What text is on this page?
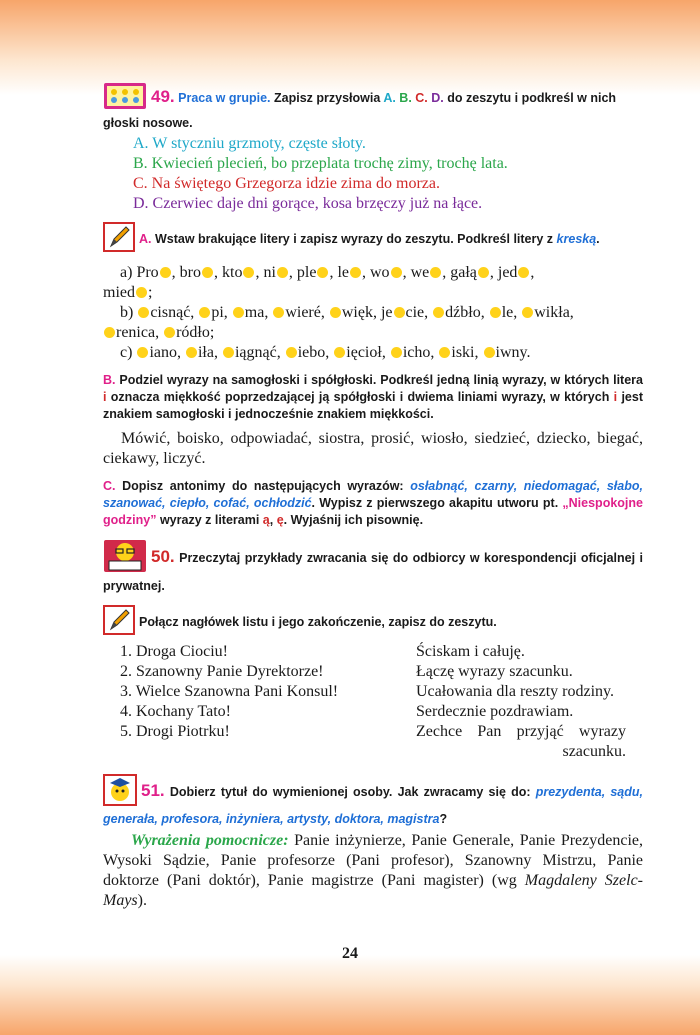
49. Praca w grupie. Zapisz przysłowia A. B. C. D. do zeszytu i podkreśl w nich głoski nosowe.
A. W styczniu grzmoty, częste słoty.
B. Kwiecień plecień, bo przeplata trochę zimy, trochę lata.
C. Na świętego Grzegorza idzie zima do morza.
D. Czerwiec daje dni gorące, kosa brzęczy już na łące.
A. Wstaw brakujące litery i zapisz wyrazy do zeszytu. Podkreśl litery z kreską.
a) Pro , bro , kto , ni , ple , le , wo , we , gałą , jed ,
mied ;
b) cisnąć, pi, ma, wieré, więk, je cie, dźbło, le, wikła,
renica, ródło;
c) iano, iła, iągnąć, iebo, ięcioł, icho, iski, iwny.
B. Podziel wyrazy na samogłoski i spółgłoski. Podkreśl jedną linią wyrazy, w których litera i oznacza miękkość poprzedzającej ją spółgłoski i dwiema liniami wyrazy, w których i jest znakiem samogłoski i jednocześnie znakiem miękkości.
Mówić, boisko, odpowiadać, siostra, prosić, wiosło, siedzieć, dziecko, biegać, ciekawy, liczyć.
C. Dopisz antonimy do następujących wyrazów: osłabnąć, czarny, niedomagać, słabo, szanować, ciepło, cofać, ochłodzić. Wypisz z pierwszego akapitu utworu pt. „Niespokojne godziny” wyrazy z literami ą, ę. Wyjaśnij ich pisownię.
50. Przeczytaj przykłady zwracania się do odbiorcy w korespondencji oficjalnej i prywatnej.
Połącz nagłówek listu i jego zakończenie, zapisz do zeszytu.
1. Droga Ciociu!	Ściskam i całuję.
2. Szanowny Panie Dyrektorze!	Łączę wyrazy szacunku.
3. Wielce Szanowna Pani Konsul!	Ucałowania dla reszty rodziny.
4. Kochany Tato!	Serdecznie pozdrawiam.
5. Drogi Piotrku!	Zechce Pan przyjąć wyrazy szacunku.
51. Dobierz tytuł do wymienionej osoby. Jak zwracamy się do: prezydenta, sądu, generała, profesora, inżyniera, artysty, doktora, magistra?
Wyrażenia pomocnicze: Panie inżynierze, Panie Generale, Panie Prezydencie, Wysoki Sądzie, Panie profesorze (Pani profesor), Szanowny Mistrzu, Panie doktorze (Pani doktór), Panie magistrze (Pani magister) (wg Magdaleny Szelc-Mays).
24
